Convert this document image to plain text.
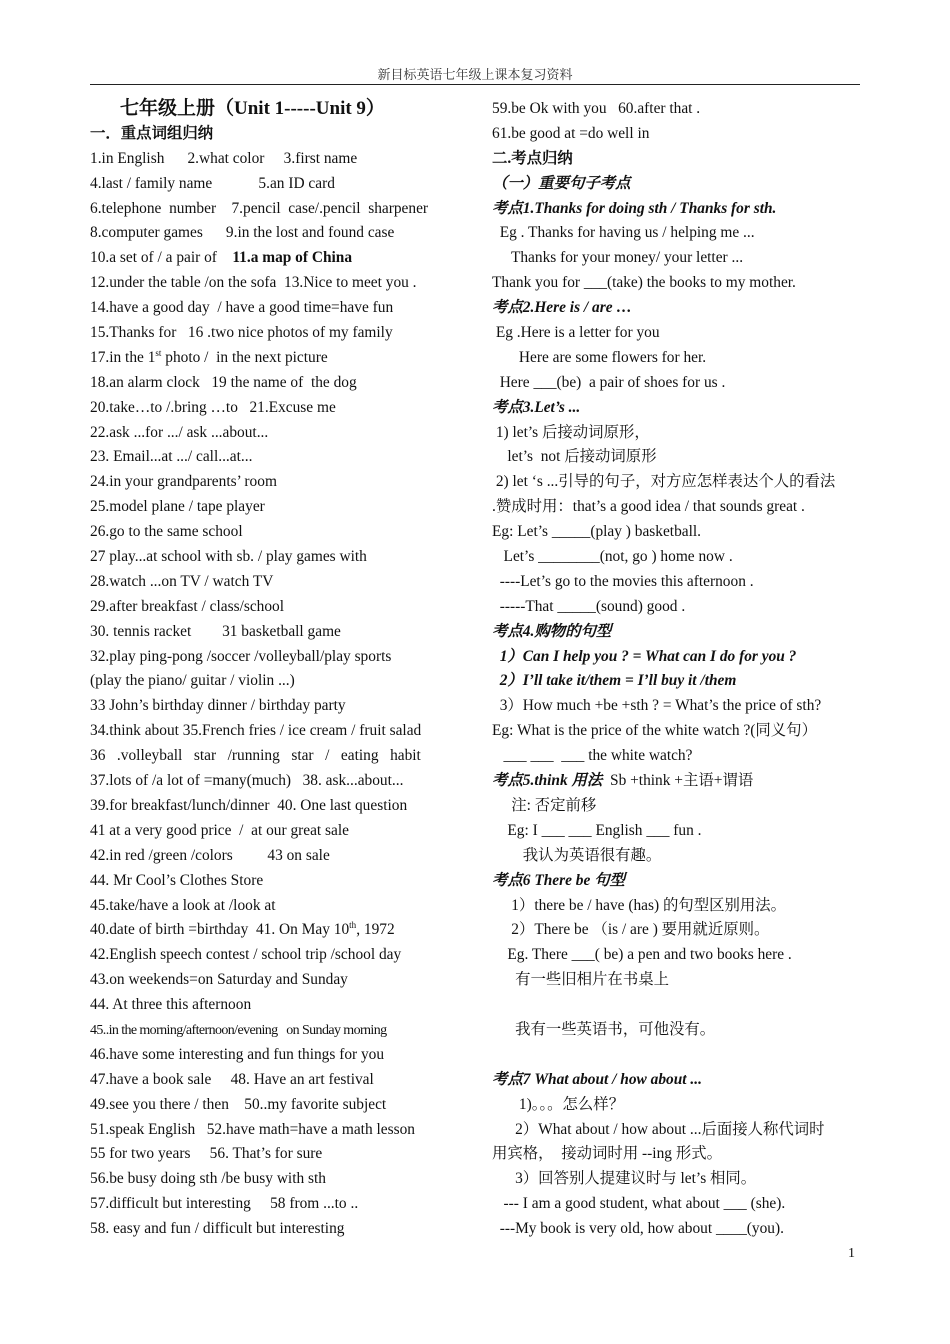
新目标英语七年级上课本复习资料
七年级上册（Unit 1-----Unit 9）
一．重点词组归纳
1.in English      2.what color     3.first name
4.last / family name            5.an ID card
6.telephone  number    7.pencil  case/.pencil  sharpener
8.computer games      9.in the lost and found case
10.a set of / a pair of    11.a map of China
12.under the table /on the sofa  13.Nice to meet you .
14.have a good day  / have a good time=have fun
15.Thanks for   16 .two nice photos of my family
17.in the 1st photo /  in the next picture
18.an alarm clock   19 the name of  the dog
20.take…to /.bring …to   21.Excuse me
22.ask ...for .../ ask ...about...
23. Email...at .../ call...at...
24.in your grandparents’ room
25.model plane / tape player
26.go to the same school
27 play...at school with sb. / play games with
28.watch ...on TV / watch TV
29.after breakfast / class/school
30. tennis racket        31 basketball game
32.play ping-pong /soccer /volleyball/play sports
(play the piano/ guitar / violin ...)
33 John’s birthday dinner / birthday party
34.think about 35.French fries / ice cream / fruit salad
36   .volleyball   star   /running   star   /   eating   habit
37.lots of /a lot of =many(much)   38. ask...about...
39.for breakfast/lunch/dinner  40. One last question
41 at a very good price  /  at our great sale
42.in red /green /colors         43 on sale
44. Mr Cool’s Clothes Store
45.take/have a look at /look at
40.date of birth =birthday  41. On May 10th, 1972
42.English speech contest / school trip /school day
43.on weekends=on Saturday and Sunday
44. At three this afternoon
45..in the morning/afternoon/evening   on Sunday morning
46.have some interesting and fun things for you
47.have a book sale     48. Have an art festival
49.see you there / then    50..my favorite subject
51.speak English   52.have math=have a math lesson
55 for two years     56. That’s for sure
56.be busy doing sth /be busy with sth
57.difficult but interesting     58 from ...to ..
58. easy and fun / difficult but interesting
59.be Ok with you   60.after that .
61.be good at =do well in
二.考点归纳
（一）重要句子考点
考点1.Thanks for doing sth / Thanks for sth.
Eg . Thanks for having us / helping me ...
Thanks for your money/ your letter ...
Thank you for ___(take) the books to my mother.
考点2.Here is / are …
Eg .Here is a letter for you
Here are some flowers for her.
Here ___(be)  a pair of shoes for us .
考点3.Let’s ...
1) let’s 后接动词原形，
let’s  not 后接动词原形
2) let ‘s ...引导的句子，对方应怎样表达个人的看法
.赞成时用：that’s a good idea / that sounds great .
Eg: Let’s _____(play ) basketball.
Let’s ________(not, go ) home now .
----Let’s go to the movies this afternoon .
-----That _____(sound) good .
考点4.购物的句型
1）Can I help you ? = What can I do for you ?
2）I’ll take it/them = I’ll buy it /them
3）How much +be +sth ? = What’s the price of sth?
Eg: What is the price of the white watch ?(同义句）
___ ___  ___ the white watch?
考点5.think 用法  Sb +think +主语+谓语
注: 否定前移
Eg: I ___ ___ English ___ fun .
我认为英语很有趣。
考点6 There be 句型
1）there be / have (has) 的句型区别用法。
2）There be （is / are ) 要用就近原则。
Eg. There ___( be) a pen and two books here .
有一些旧相片在书桌上
我有一些英语书，可他没有。
考点7 What about / how about ...
1)。。。怎么样？
2）What about / how about ...后面接人称代词时
用宾格，  接动词时用 --ing 形式。
3）回答别人提建议时与 let’s 相同。
--- I am a good student, what about ___ (she).
---My book is very old, how about ____(you).
1
